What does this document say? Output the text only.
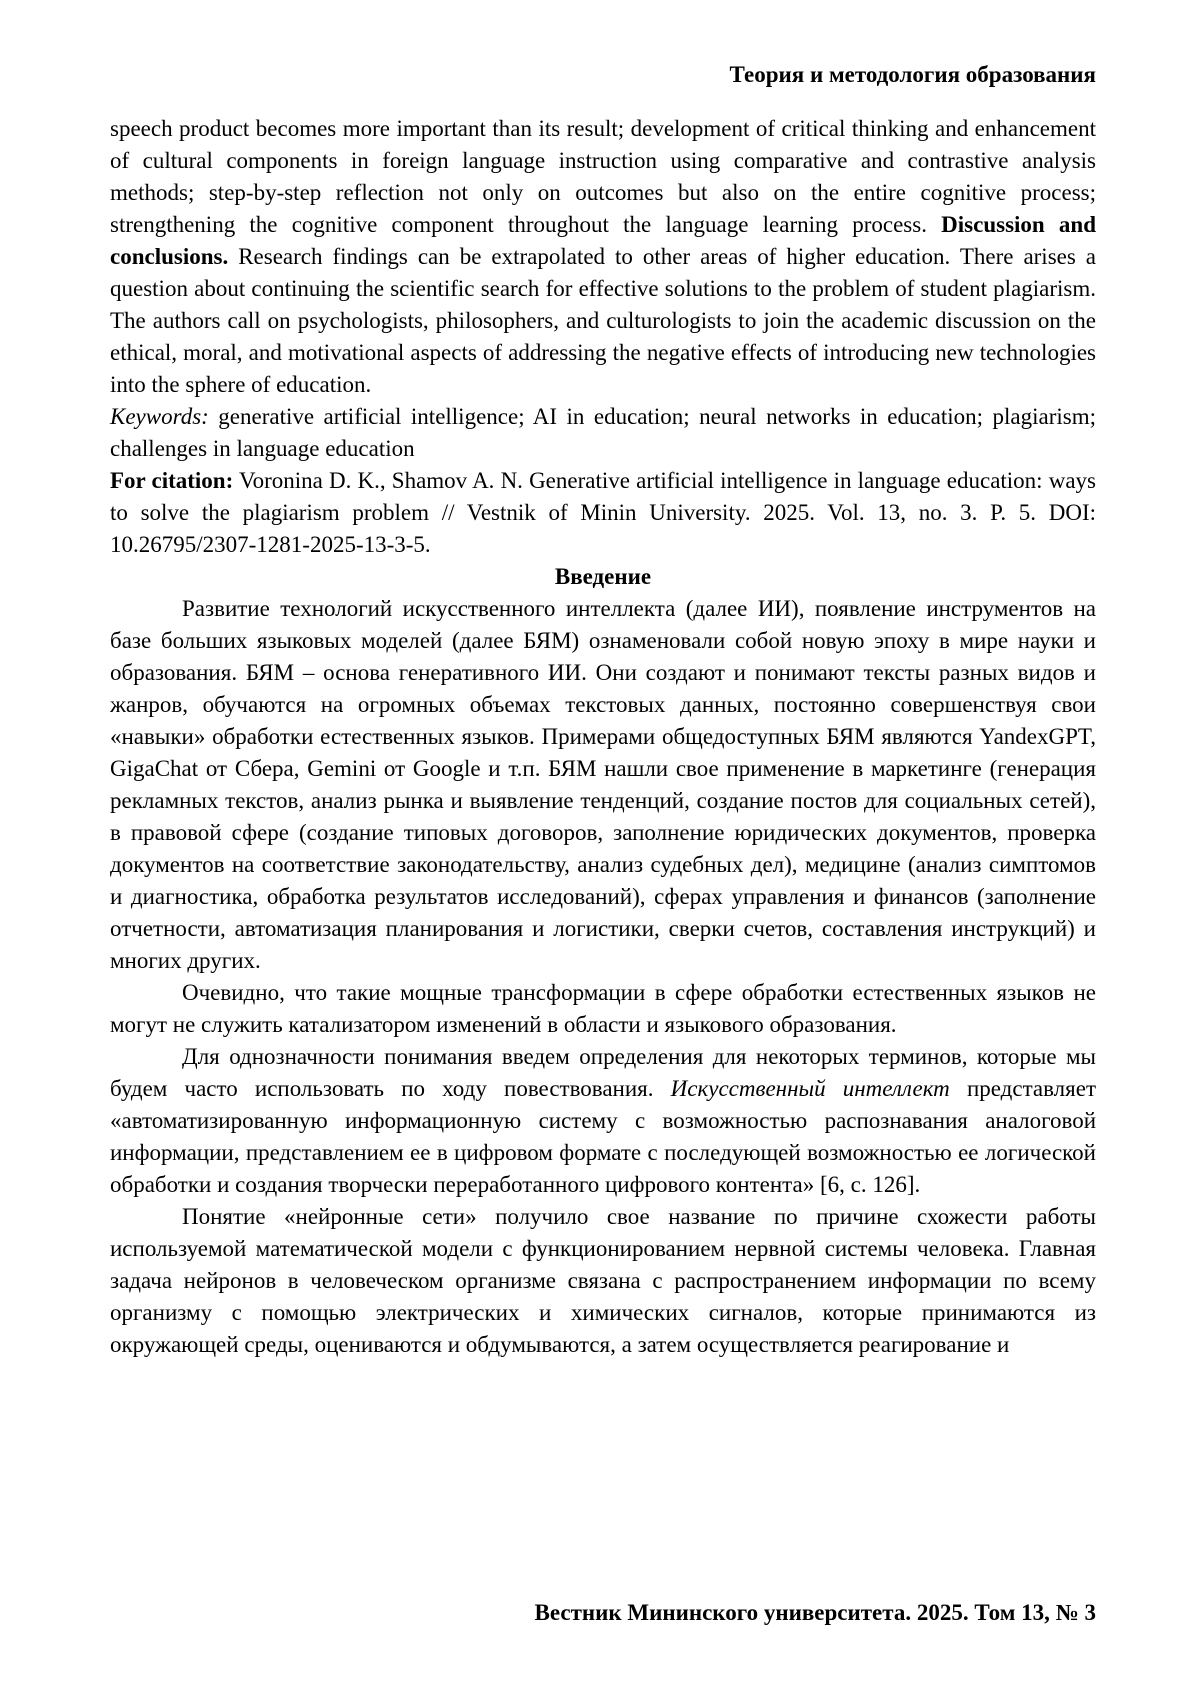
Теория и методология образования

speech product becomes more important than its result; development of critical thinking and enhancement of cultural components in foreign language instruction using comparative and contrastive analysis methods; step-by-step reflection not only on outcomes but also on the entire cognitive process; strengthening the cognitive component throughout the language learning process. Discussion and conclusions. Research findings can be extrapolated to other areas of higher education. There arises a question about continuing the scientific search for effective solutions to the problem of student plagiarism. The authors call on psychologists, philosophers, and culturologists to join the academic discussion on the ethical, moral, and motivational aspects of addressing the negative effects of introducing new technologies into the sphere of education.

Keywords: generative artificial intelligence; AI in education; neural networks in education; plagiarism; challenges in language education

For citation: Voronina D. K., Shamov A. N. Generative artificial intelligence in language education: ways to solve the plagiarism problem // Vestnik of Minin University. 2025. Vol. 13, no. 3. P. 5. DOI: 10.26795/2307-1281-2025-13-3-5.

Введение

Развитие технологий искусственного интеллекта (далее ИИ), появление инструментов на базе больших языковых моделей (далее БЯМ) ознаменовали собой новую эпоху в мире науки и образования. БЯМ – основа генеративного ИИ. Они создают и понимают тексты разных видов и жанров, обучаются на огромных объемах текстовых данных, постоянно совершенствуя свои «навыки» обработки естественных языков. Примерами общедоступных БЯМ являются YandexGPT, GigaChat от Сбера, Gemini от Google и т.п. БЯМ нашли свое применение в маркетинге (генерация рекламных текстов, анализ рынка и выявление тенденций, создание постов для социальных сетей), в правовой сфере (создание типовых договоров, заполнение юридических документов, проверка документов на соответствие законодательству, анализ судебных дел), медицине (анализ симптомов и диагностика, обработка результатов исследований), сферах управления и финансов (заполнение отчетности, автоматизация планирования и логистики, сверки счетов, составления инструкций) и многих других.

Очевидно, что такие мощные трансформации в сфере обработки естественных языков не могут не служить катализатором изменений в области и языкового образования.

Для однозначности понимания введем определения для некоторых терминов, которые мы будем часто использовать по ходу повествования. Искусственный интеллект представляет «автоматизированную информационную систему с возможностью распознавания аналоговой информации, представлением ее в цифровом формате с последующей возможностью ее логической обработки и создания творчески переработанного цифрового контента» [6, с. 126].

Понятие «нейронные сети» получило свое название по причине схожести работы используемой математической модели с функционированием нервной системы человека. Главная задача нейронов в человеческом организме связана с распространением информации по всему организму с помощью электрических и химических сигналов, которые принимаются из окружающей среды, оцениваются и обдумываются, а затем осуществляется реагирование и

Вестник Мининского университета. 2025. Том 13, № 3
